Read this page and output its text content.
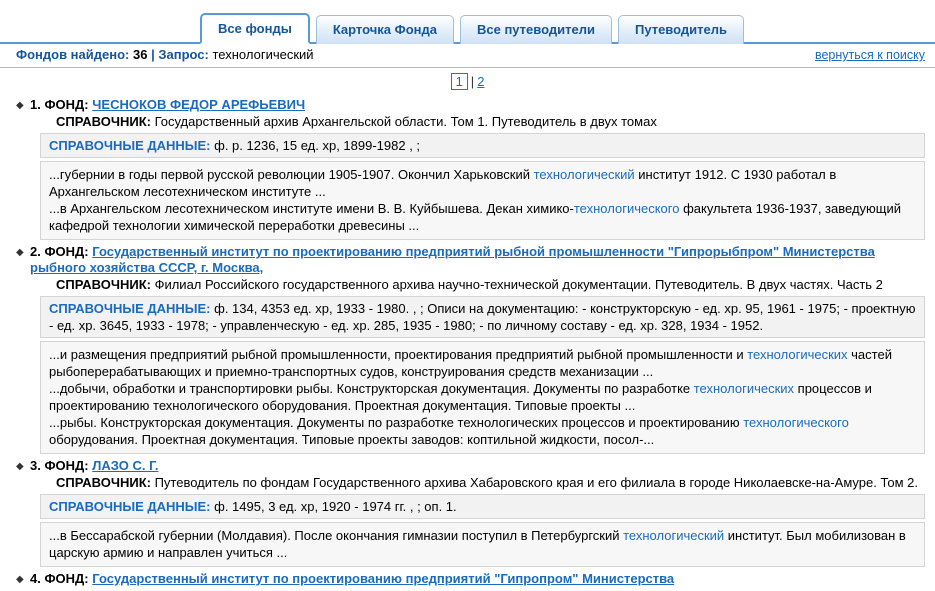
Все фонды	Карточка Фонда	Все путеводители	Путеводитель
Фондов найдено: 36 | Запрос: технологический	вернуться к поиску
1 | 2
◆ 1. ФОНД: ЧЕСНОКОВ ФЕДОР АРЕФЬЕВИЧ
СПРАВОЧНИК: Государственный архив Архангельской области. Том 1. Путеводитель в двух томах
СПРАВОЧНЫЕ ДАННЫЕ: ф. р. 1236, 15 ед. хр, 1899-1982 , ;
...губернии в годы первой русской революции 1905-1907. Окончил Харьковский технологический институт 1912. С 1930 работал в Архангельском лесотехническом институте ...
...в Архангельском лесотехническом институте имени В. В. Куйбышева. Декан химико-технологического факультета 1936-1937, заведующий кафедрой технологии химической переработки древесины ...
◆ 2. ФОНД: Государственный институт по проектированию предприятий рыбной промышленности "Гипрорыбпром" Министерства рыбного хозяйства СССР, г. Москва,
СПРАВОЧНИК: Филиал Российского государственного архива научно-технической документации. Путеводитель. В двух частях. Часть 2
СПРАВОЧНЫЕ ДАННЫЕ: ф. 134, 4353 ед. хр, 1933 - 1980. , ; Описи на документацию: - конструкторскую - ед. хр. 95, 1961 - 1975; - проектную - ед. хр. 3645, 1933 - 1978; - управленческую - ед. хр. 285, 1935 - 1980; - по личному составу - ед. хр. 328, 1934 - 1952.
...и размещения предприятий рыбной промышленности, проектирования предприятий рыбной промышленности и технологических частей рыбоперерабатывающих и приемно-транспортных судов, конструирования средств механизации ...
...добычи, обработки и транспортировки рыбы. Конструкторская документация. Документы по разработке технологических процессов и проектированию технологического оборудования. Проектная документация. Типовые проекты ...
...рыбы. Конструкторская документация. Документы по разработке технологических процессов и проектированию технологического оборудования. Проектная документация. Типовые проекты заводов: коптильной жидкости, посол-...
◆ 3. ФОНД: ЛАЗО С. Г.
СПРАВОЧНИК: Путеводитель по фондам Государственного архива Хабаровского края и его филиала в городе Николаевске-на-Амуре. Том 2.
СПРАВОЧНЫЕ ДАННЫЕ: ф. 1495, 3 ед. хр, 1920 - 1974 гг. , ; оп. 1.
...в Бессарабской губернии (Молдавия). После окончания гимназии поступил в Петербургский технологический институт. Был мобилизован в царскую армию и направлен учиться ...
◆ 4. ФОНД: Государственный институт по проектированию предприятий "Гипропром" Министерства
